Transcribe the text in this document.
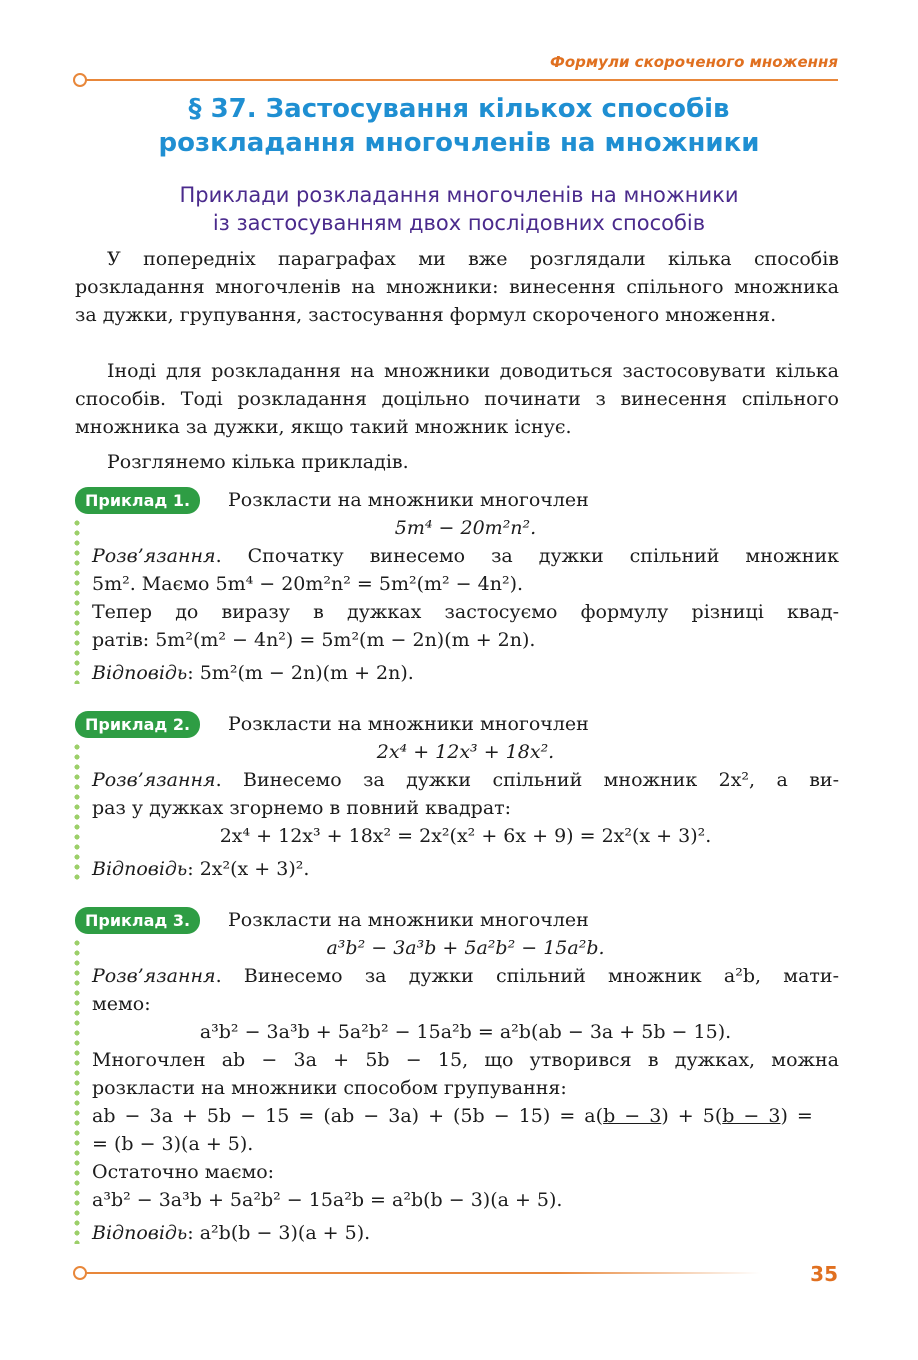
Формули скороченого множення
§ 37. Застосування кількох способів
розкладання многочленів на множники
Приклади розкладання многочленів на множники
із застосуванням двох послідовних способів

У попередніх параграфах ми вже розглядали кілька способів розкладання многочленів на множники: винесення спільного множника за дужки, групування, застосування формул скороченого множення.

Іноді для розкладання на множники доводиться застосовувати кілька способів. Тоді розкладання доцільно починати з винесення спільного множника за дужки, якщо такий множник існує.

Розглянемо кілька прикладів.

Приклад 1.	Розкласти на множники многочлен

5m⁴ − 20m²n².

Розв’язання. Спочатку винесемо за дужки спільний множник

5m². Маємо 5m⁴ − 20m²n² = 5m²(m² − 4n²).

Тепер до виразу в дужках застосуємо формулу різниці квад-

ратів: 5m²(m² − 4n²) = 5m²(m − 2n)(m + 2n).

Відповідь: 5m²(m − 2n)(m + 2n).

Приклад 2.	Розкласти на множники многочлен

2x⁴ + 12x³ + 18x².

Розв’язання. Винесемо за дужки спільний множник 2x², а ви-

раз у дужках згорнемо в повний квадрат:

2x⁴ + 12x³ + 18x² = 2x²(x² + 6x + 9) = 2x²(x + 3)².

Відповідь: 2x²(x + 3)².

Приклад 3.	Розкласти на множники многочлен

a³b² − 3a³b + 5a²b² − 15a²b.

Розв’язання. Винесемо за дужки спільний множник a²b, мати-

мемо:

a³b² − 3a³b + 5a²b² − 15a²b = a²b(ab − 3a + 5b − 15).

Многочлен ab − 3a + 5b − 15, що утворився в дужках, можна

розкласти на множники способом групування:

ab − 3a + 5b − 15 = (ab − 3a) + (5b − 15) = a(b − 3) + 5(b − 3) =

= (b − 3)(a + 5).

Остаточно маємо:

a³b² − 3a³b + 5a²b² − 15a²b = a²b(b − 3)(a + 5).

Відповідь: a²b(b − 3)(a + 5).

35
